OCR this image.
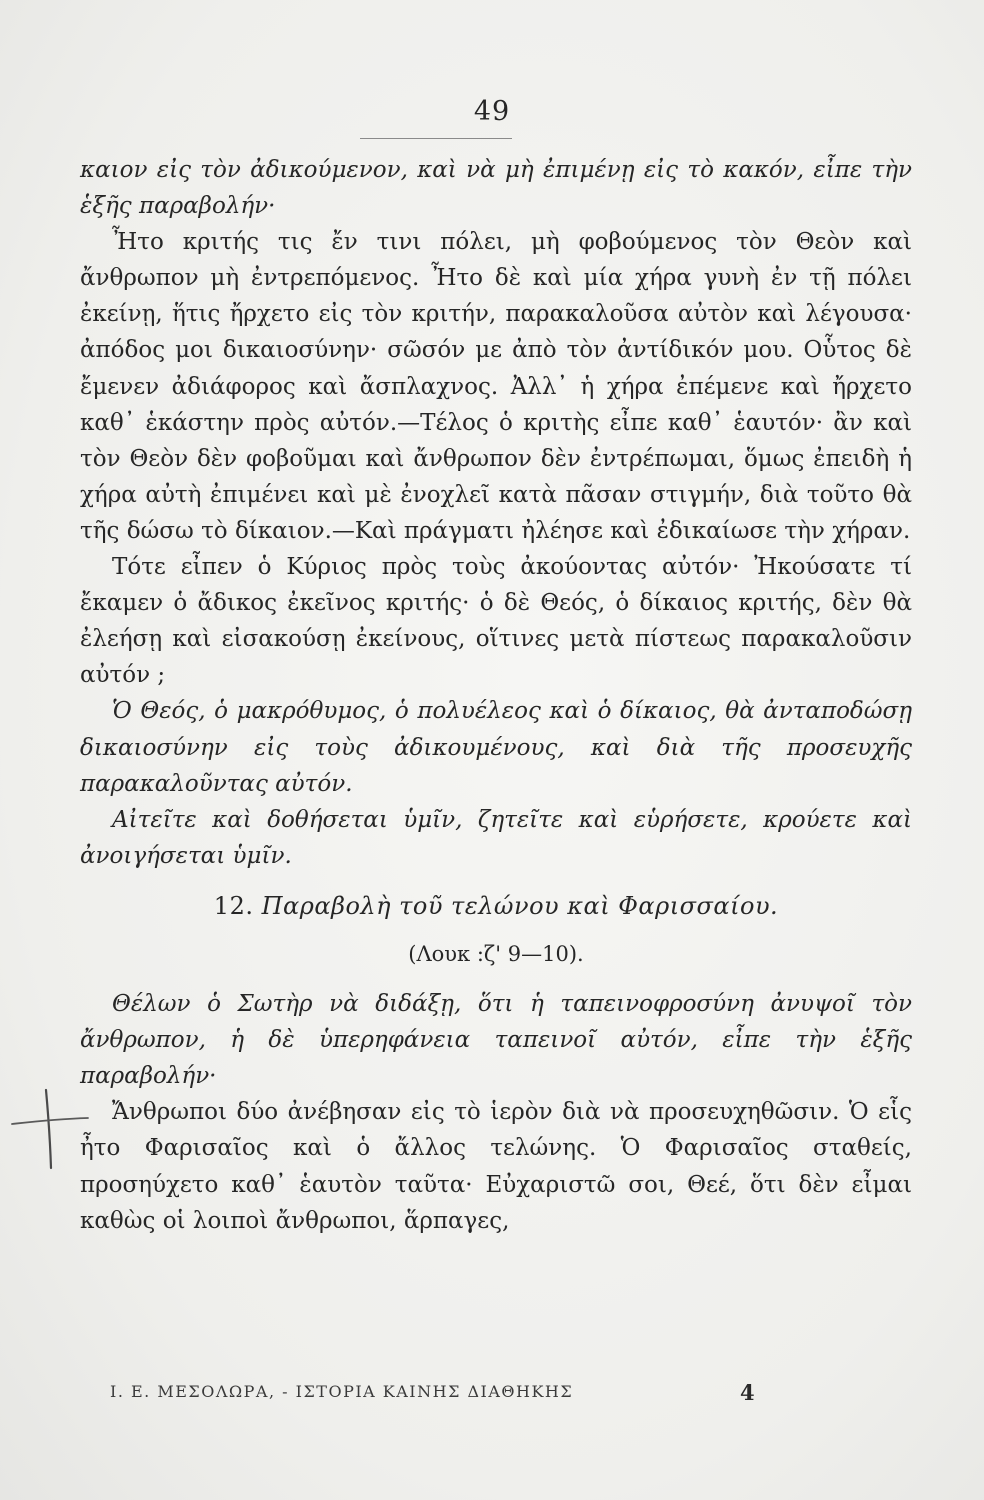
49

καιον εἰς τὸν ἀδικούμενον, καὶ νὰ μὴ ἐπιμένῃ εἰς τὸ κακόν, εἶπε τὴν ἑξῆς παραβολήν·

Ἦτο κριτής τις ἔν τινι πόλει, μὴ φοβούμενος τὸν Θεὸν καὶ ἄνθρωπον μὴ ἐντρεπόμενος. Ἦτο δὲ καὶ μία χήρα γυνὴ ἐν τῇ πόλει ἐκείνῃ, ἥτις ἤρχετο εἰς τὸν κριτήν, παρακαλοῦσα αὐτὸν καὶ λέγουσα· ἀπόδος μοι δικαιοσύνην· σῶσόν με ἀπὸ τὸν ἀντίδικόν μου. Οὗτος δὲ ἔμενεν ἀδιάφορος καὶ ἄσπλαχνος. Ἀλλ᾽ ἡ χήρα ἐπέμενε καὶ ἤρχετο καθ᾽ ἑκάστην πρὸς αὐτόν.—Τέλος ὁ κριτὴς εἶπε καθ᾽ ἑαυτόν· ἂν καὶ τὸν Θεὸν δὲν φοβοῦμαι καὶ ἄνθρωπον δὲν ἐντρέπωμαι, ὅμως ἐπειδὴ ἡ χήρα αὐτὴ ἐπιμένει καὶ μὲ ἐνοχλεῖ κατὰ πᾶσαν στιγμήν, διὰ τοῦτο θὰ τῆς δώσω τὸ δίκαιον.—Καὶ πράγματι ἠλέησε καὶ ἐδικαίωσε τὴν χήραν.

Τότε εἶπεν ὁ Κύριος πρὸς τοὺς ἀκούοντας αὐτόν· Ἠκούσατε τί ἔκαμεν ὁ ἄδικος ἐκεῖνος κριτής· ὁ δὲ Θεός, ὁ δίκαιος κριτής, δὲν θὰ ἐλεήσῃ καὶ εἰσακούσῃ ἐκείνους, οἵτινες μετὰ πίστεως παρακαλοῦσιν αὐτόν ;

Ὁ Θεός, ὁ μακρόθυμος, ὁ πολυέλεος καὶ ὁ δίκαιος, θὰ ἀνταποδώσῃ δικαιοσύνην εἰς τοὺς ἀδικουμένους, καὶ διὰ τῆς προσευχῆς παρακαλοῦντας αὐτόν.

Αἰτεῖτε καὶ δοθήσεται ὑμῖν, ζητεῖτε καὶ εὑρήσετε, κρούετε καὶ ἀνοιγήσεται ὑμῖν.

12. Παραβολὴ τοῦ τελώνου καὶ Φαρισσαίου.
(Λουκ :ζ' 9—10).

Θέλων ὁ Σωτὴρ νὰ διδάξῃ, ὅτι ἡ ταπεινοφροσύνη ἀνυψοῖ τὸν ἄνθρωπον, ἡ δὲ ὑπερηφάνεια ταπεινοῖ αὐτόν, εἶπε τὴν ἑξῆς παραβολήν·

Ἄνθρωποι δύο ἀνέβησαν εἰς τὸ ἱερὸν διὰ νὰ προσευχηθῶσιν. Ὁ εἷς ἦτο Φαρισαῖος καὶ ὁ ἄλλος τελώνης. Ὁ Φαρισαῖος σταθείς, προσηύχετο καθ᾽ ἑαυτὸν ταῦτα· Εὐχαριστῶ σοι, Θεέ, ὅτι δὲν εἶμαι καθὼς οἱ λοιποὶ ἄνθρωποι, ἅρπαγες,

Ι. Ε. ΜΕΣΟΛΩΡΑ, - ΙΣΤΟΡΙΑ ΚΑΙΝΗΣ ΔΙΑΘΗΚΗΣ	4
